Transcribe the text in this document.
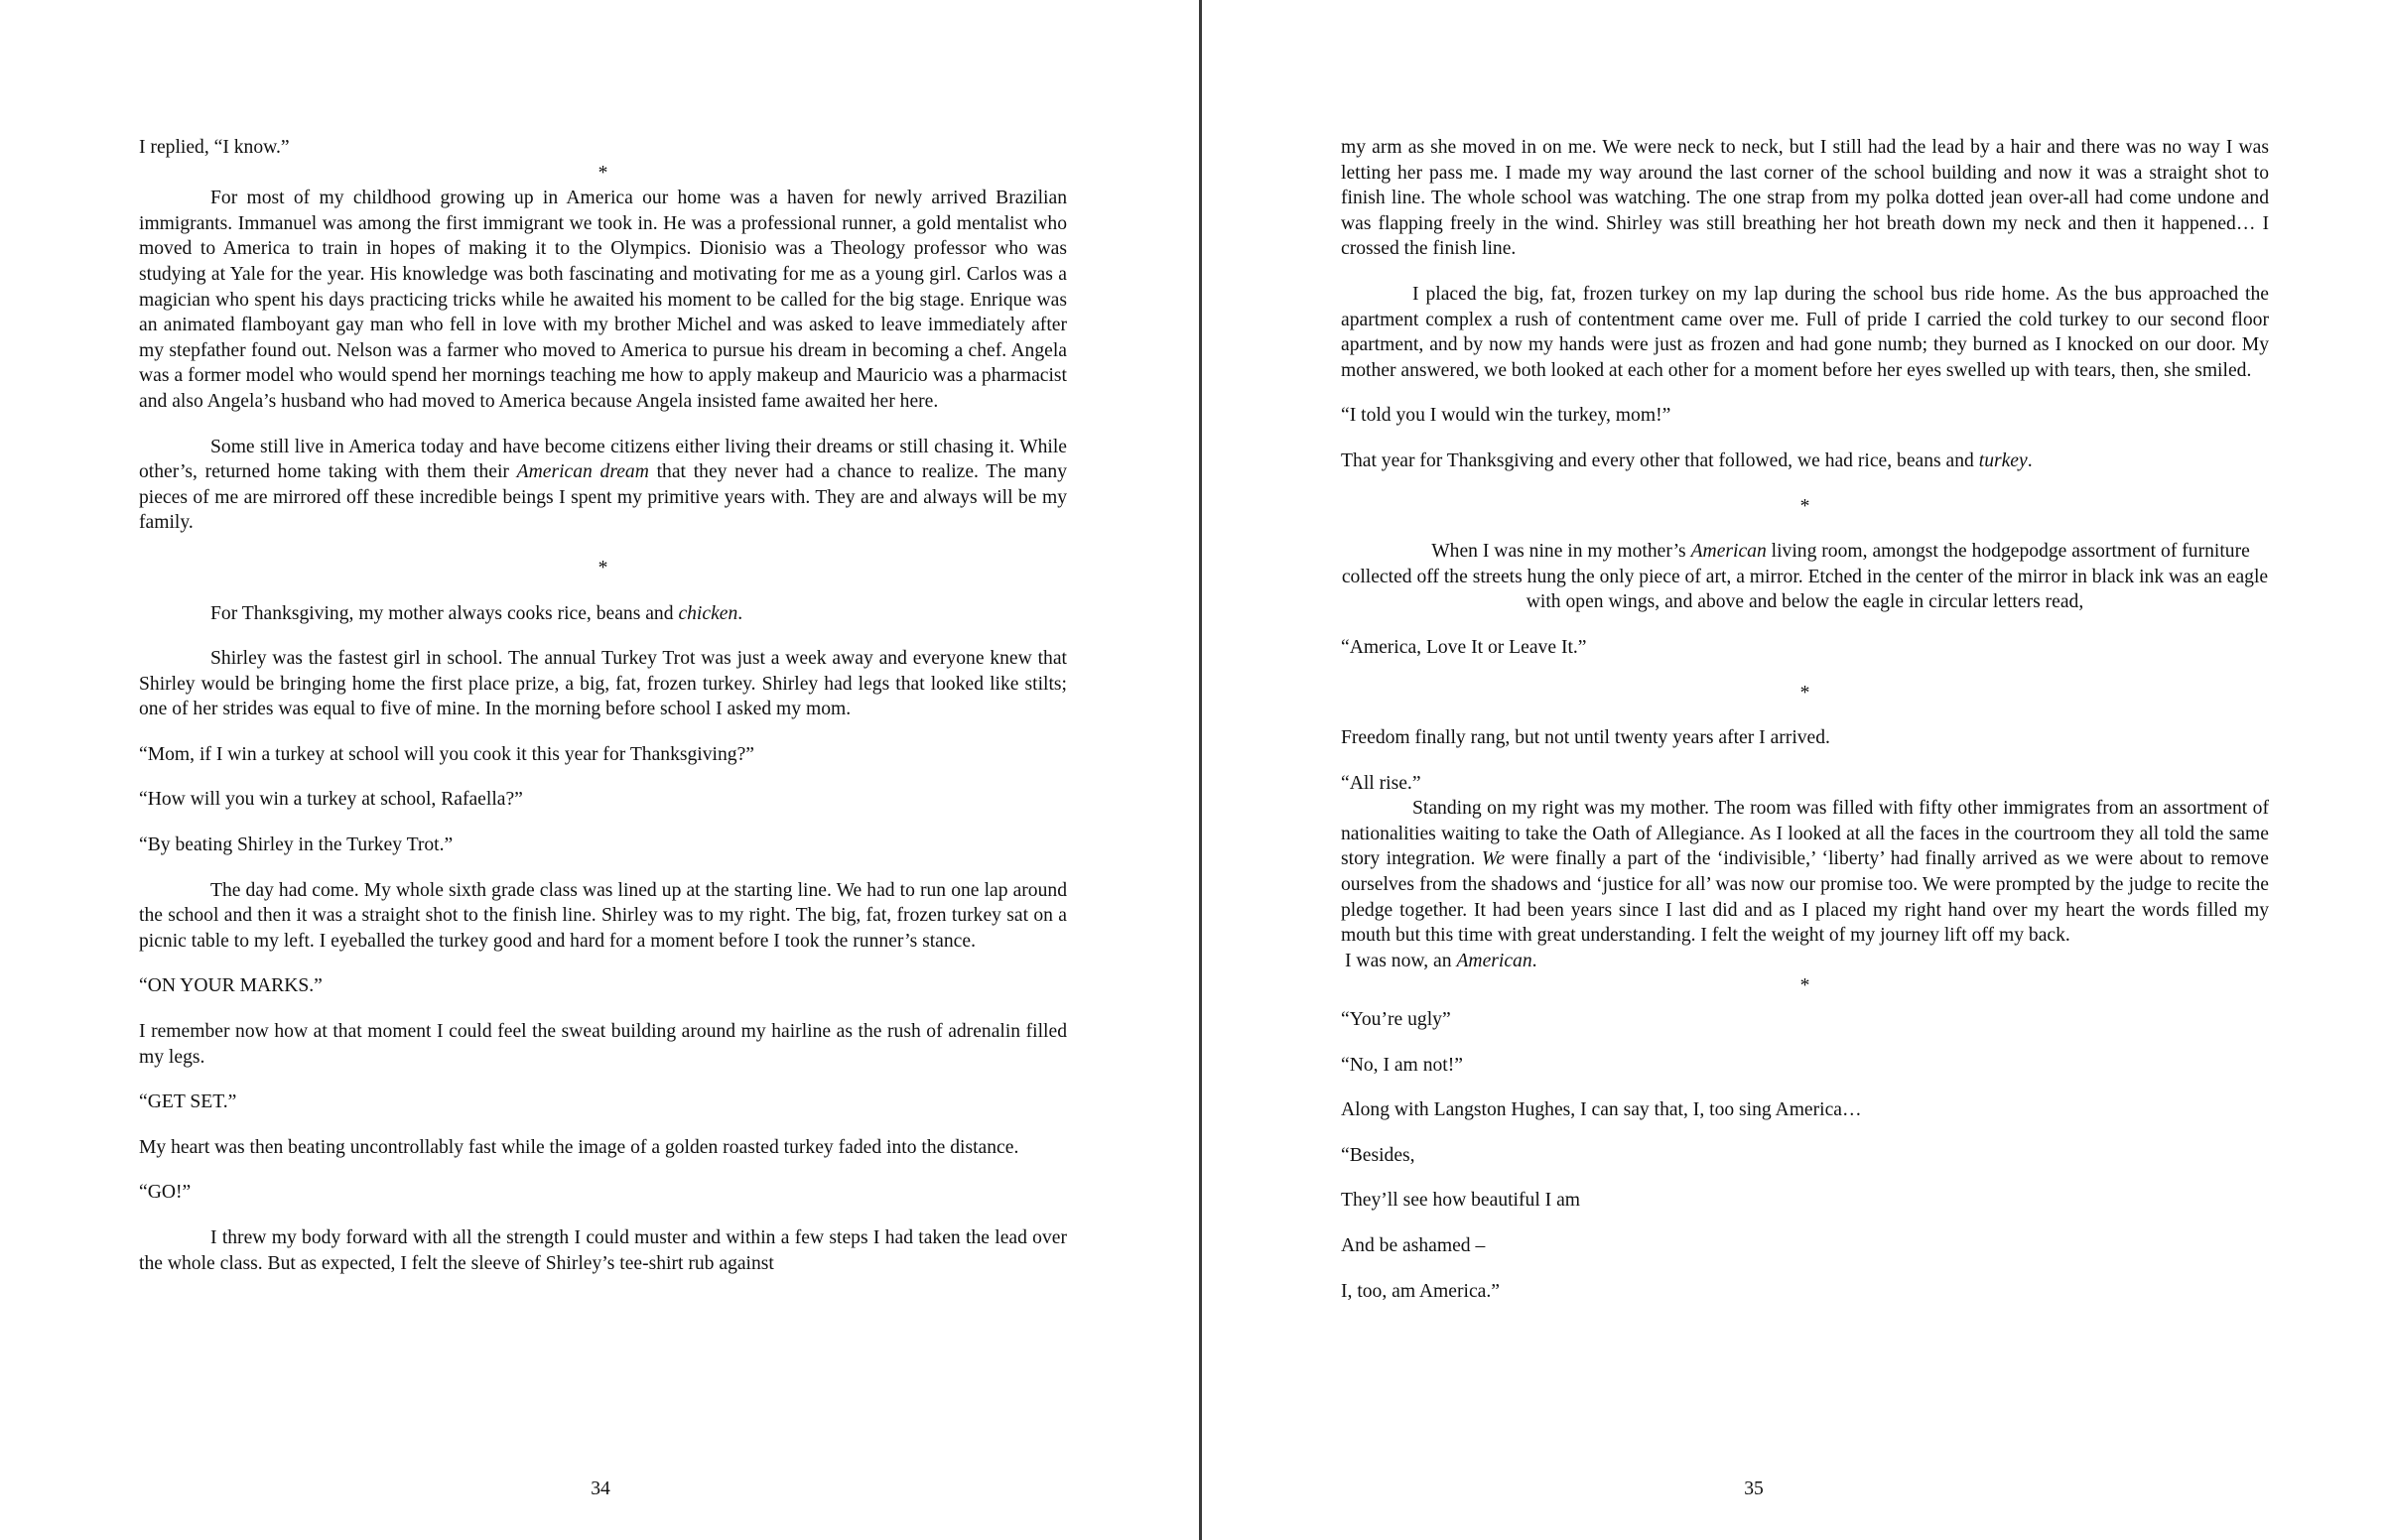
I replied, “I know.”

*

For most of my childhood growing up in America our home was a haven for newly arrived Brazilian immigrants. Immanuel was among the first immigrant we took in. He was a professional runner, a gold mentalist who moved to America to train in hopes of making it to the Olympics. Dionisio was a Theology professor who was studying at Yale for the year. His knowledge was both fascinating and motivating for me as a young girl. Carlos was a magician who spent his days practicing tricks while he awaited his moment to be called for the big stage. Enrique was an animated flamboyant gay man who fell in love with my brother Michel and was asked to leave immediately after my stepfather found out. Nelson was a farmer who moved to America to pursue his dream in becoming a chef. Angela was a former model who would spend her mornings teaching me how to apply makeup and Mauricio was a pharmacist and also Angela’s husband who had moved to America because Angela insisted fame awaited her here.

Some still live in America today and have become citizens either living their dreams or still chasing it. While other’s, returned home taking with them their American dream that they never had a chance to realize. The many pieces of me are mirrored off these incredible beings I spent my primitive years with. They are and always will be my family.

*

For Thanksgiving, my mother always cooks rice, beans and chicken.

Shirley was the fastest girl in school. The annual Turkey Trot was just a week away and everyone knew that Shirley would be bringing home the first place prize, a big, fat, frozen turkey. Shirley had legs that looked like stilts; one of her strides was equal to five of mine. In the morning before school I asked my mom.

“Mom, if I win a turkey at school will you cook it this year for Thanksgiving?”

“How will you win a turkey at school, Rafaella?”

“By beating Shirley in the Turkey Trot.”

The day had come. My whole sixth grade class was lined up at the starting line. We had to run one lap around the school and then it was a straight shot to the finish line. Shirley was to my right. The big, fat, frozen turkey sat on a picnic table to my left. I eyeballed the turkey good and hard for a moment before I took the runner’s stance.

“ON YOUR MARKS.”

I remember now how at that moment I could feel the sweat building around my hairline as the rush of adrenalin filled my legs.

“GET SET.”

My heart was then beating uncontrollably fast while the image of a golden roasted turkey faded into the distance.

“GO!”

I threw my body forward with all the strength I could muster and within a few steps I had taken the lead over the whole class. But as expected, I felt the sleeve of Shirley’s tee-shirt rub against

34

my arm as she moved in on me. We were neck to neck, but I still had the lead by a hair and there was no way I was letting her pass me. I made my way around the last corner of the school building and now it was a straight shot to finish line. The whole school was watching. The one strap from my polka dotted jean over-all had come undone and was flapping freely in the wind. Shirley was still breathing her hot breath down my neck and then it happened… I crossed the finish line.

I placed the big, fat, frozen turkey on my lap during the school bus ride home. As the bus approached the apartment complex a rush of contentment came over me. Full of pride I carried the cold turkey to our second floor apartment, and by now my hands were just as frozen and had gone numb; they burned as I knocked on our door. My mother answered, we both looked at each other for a moment before her eyes swelled up with tears, then, she smiled.

“I told you I would win the turkey, mom!”

That year for Thanksgiving and every other that followed, we had rice, beans and turkey.

*

When I was nine in my mother’s American living room, amongst the hodgepodge assortment of furniture collected off the streets hung the only piece of art, a mirror. Etched in the center of the mirror in black ink was an eagle with open wings, and above and below the eagle in circular letters read,

“America, Love It or Leave It.”

*

Freedom finally rang, but not until twenty years after I arrived.

“All rise.”

Standing on my right was my mother. The room was filled with fifty other immigrates from an assortment of nationalities waiting to take the Oath of Allegiance. As I looked at all the faces in the courtroom they all told the same story integration. We were finally a part of the ‘indivisible,’ ‘liberty’ had finally arrived as we were about to remove ourselves from the shadows and ‘justice for all’ was now our promise too. We were prompted by the judge to recite the pledge together. It had been years since I last did and as I placed my right hand over my heart the words filled my mouth but this time with great understanding. I felt the weight of my journey lift off my back.

I was now, an American.

*

“You’re ugly”

“No, I am not!”

Along with Langston Hughes, I can say that, I, too sing America…

“Besides,

They’ll see how beautiful I am

And be ashamed –

I, too, am America.”

35
